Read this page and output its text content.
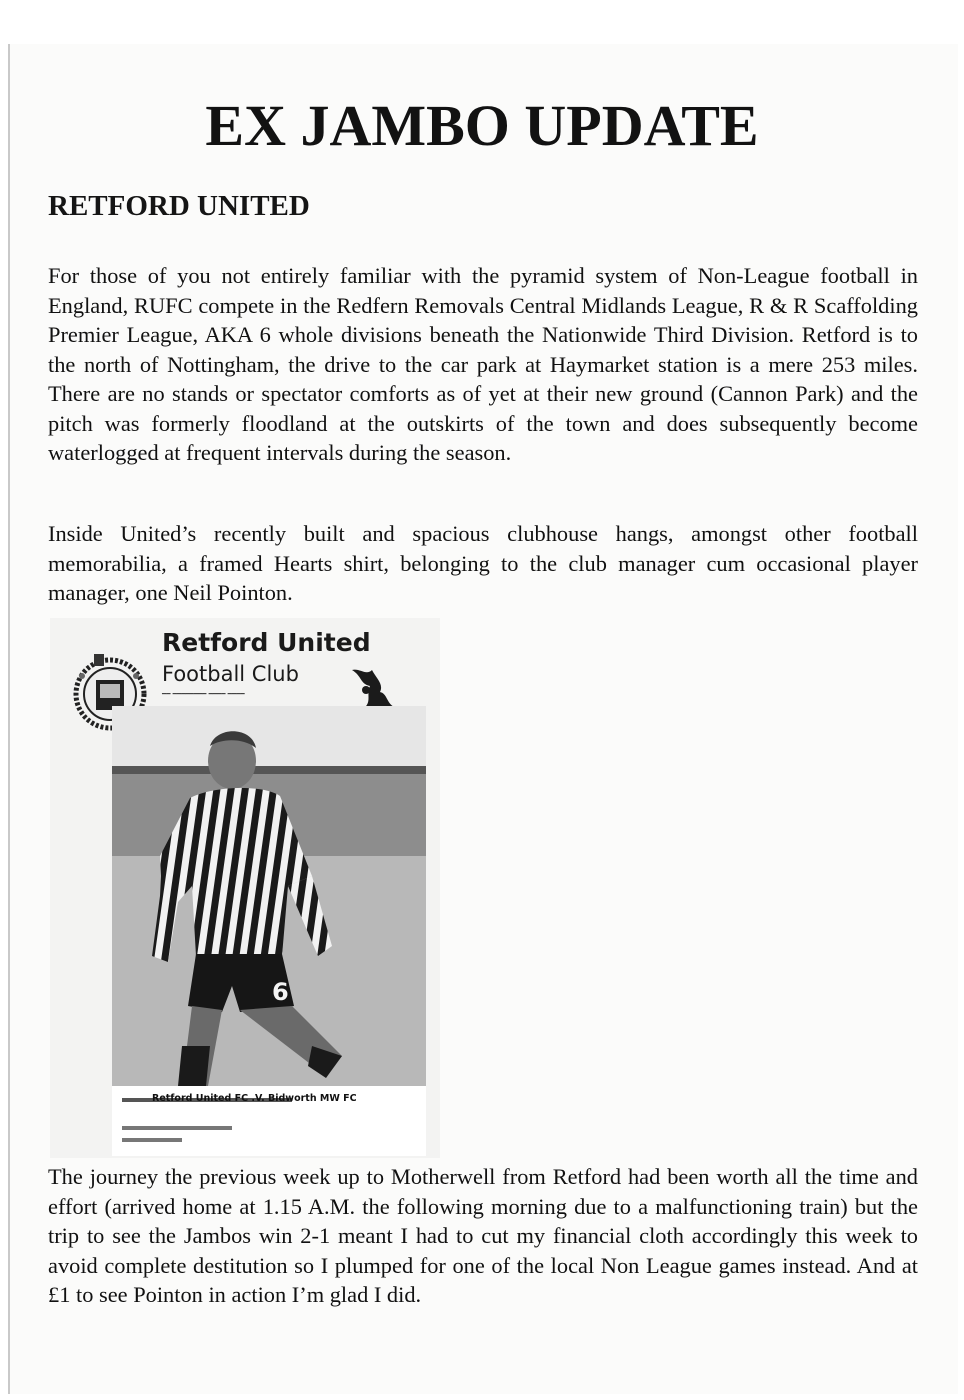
EX JAMBO UPDATE
RETFORD UNITED

For those of you not entirely familiar with the pyramid system of Non-League football in England, RUFC compete in the Redfern Removals Central Midlands League, R & R Scaffolding Premier League, AKA 6 whole divisions beneath the Nationwide Third Division. Retford is to the north of Nottingham, the drive to the car park at Haymarket station is a mere 253 miles. There are no stands or spectator comforts as of yet at their new ground (Cannon Park) and the pitch was formerly floodland at the outskirts of the town and does subsequently become waterlogged at frequent intervals during the season.

Inside United’s recently built and spacious clubhouse hangs, amongst other football memorabilia, a framed Hearts shirt, belonging to the club manager cum occasional player manager, one Neil Pointon.

Retford United
Football Club
━━ ━━━━━━━━ ━━━━ ━━━━
6
Retford United FC .V. Bidworth MW FC

The journey the previous week up to Motherwell from Retford had been worth all the time and effort (arrived home at 1.15 A.M. the following morning due to a malfunctioning train) but the trip to see the Jambos win 2-1 meant I had to cut my financial cloth accordingly this week to avoid complete destitution so I plumped for one of the local Non League games instead. And at £1 to see Pointon in action I’m glad I did.
